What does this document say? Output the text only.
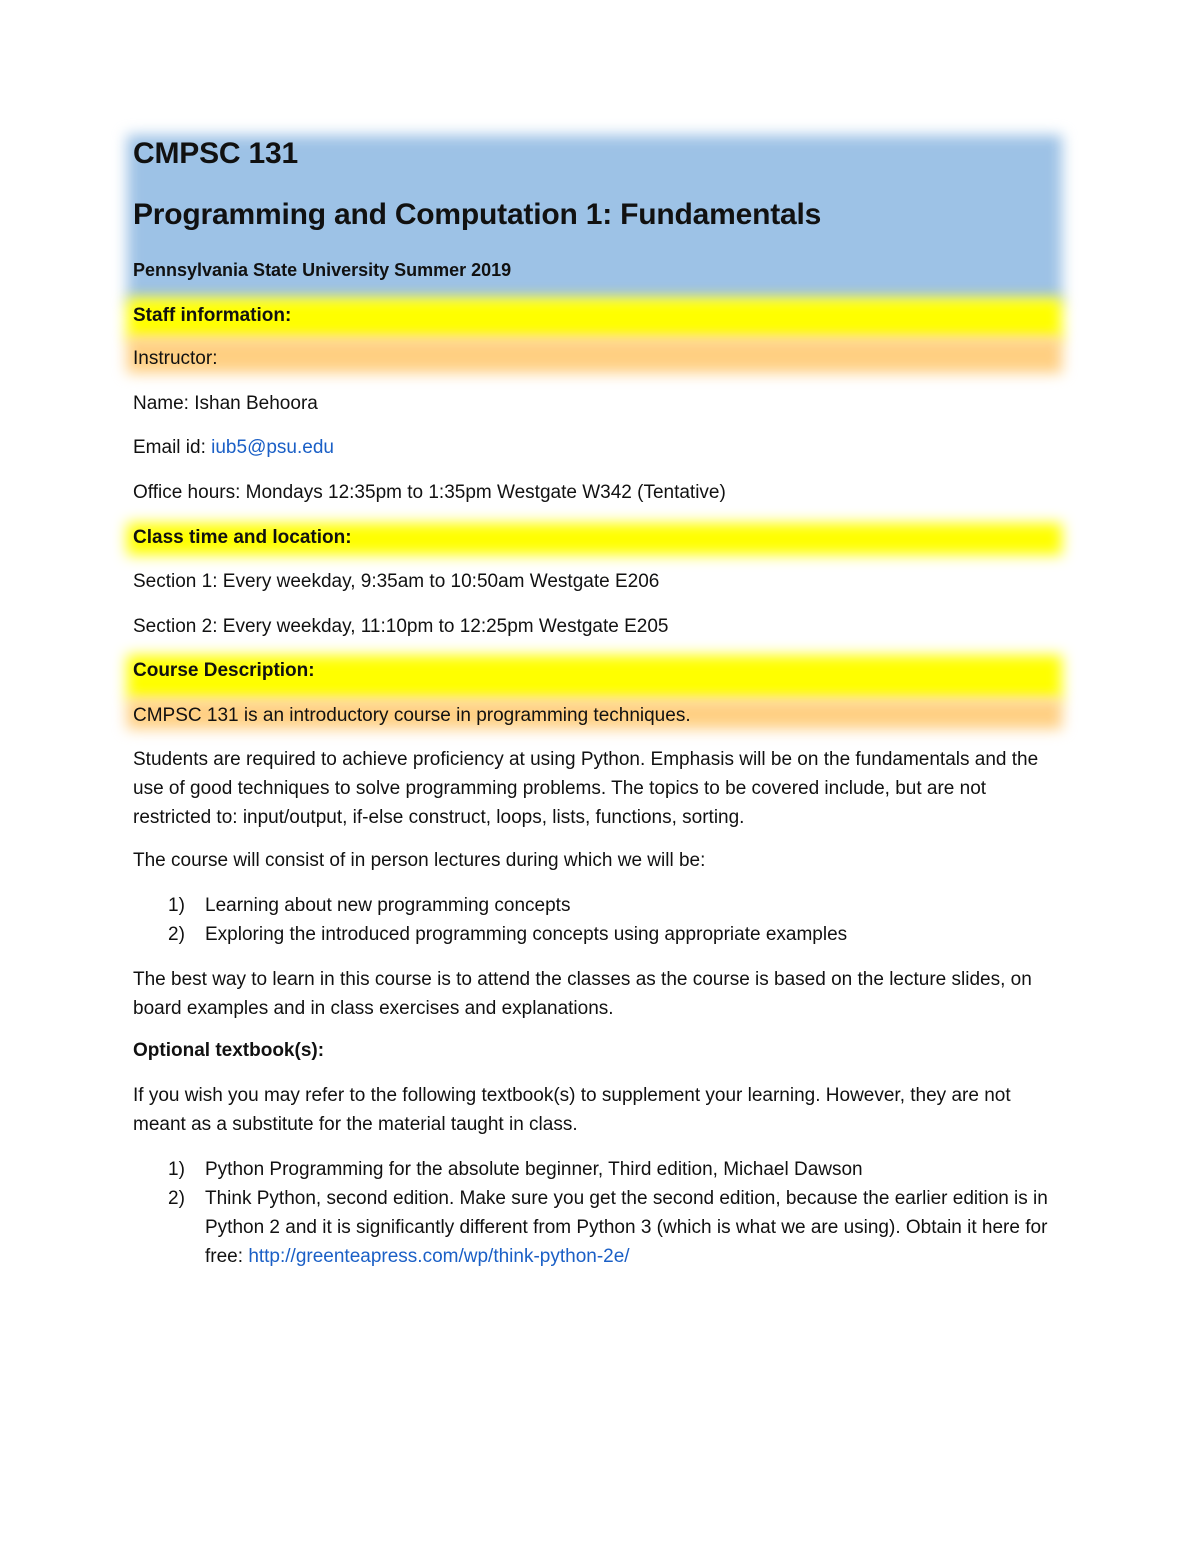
CMPSC 131
Programming and Computation 1: Fundamentals

Pennsylvania State University Summer 2019

Staff information:

Instructor:

Name: Ishan Behoora

Email id: iub5@psu.edu

Office hours: Mondays 12:35pm to 1:35pm Westgate W342 (Tentative)

Class time and location:

Section 1: Every weekday, 9:35am to 10:50am Westgate E206

Section 2: Every weekday, 11:10pm to 12:25pm Westgate E205

Course Description:

CMPSC 131 is an introductory course in programming techniques.

Students are required to achieve proficiency at using Python. Emphasis will be on the fundamentals and the use of good techniques to solve programming problems. The topics to be covered include, but are not restricted to: input/output, if-else construct, loops, lists, functions, sorting.

The course will consist of in person lectures during which we will be:

1) Learning about new programming concepts
2) Exploring the introduced programming concepts using appropriate examples

The best way to learn in this course is to attend the classes as the course is based on the lecture slides, on board examples and in class exercises and explanations.

Optional textbook(s):

If you wish you may refer to the following textbook(s) to supplement your learning. However, they are not meant as a substitute for the material taught in class.

1) Python Programming for the absolute beginner, Third edition, Michael Dawson
2) Think Python, second edition. Make sure you get the second edition, because the earlier edition is in Python 2 and it is significantly different from Python 3 (which is what we are using). Obtain it here for free: http://greenteapress.com/wp/think-python-2e/
